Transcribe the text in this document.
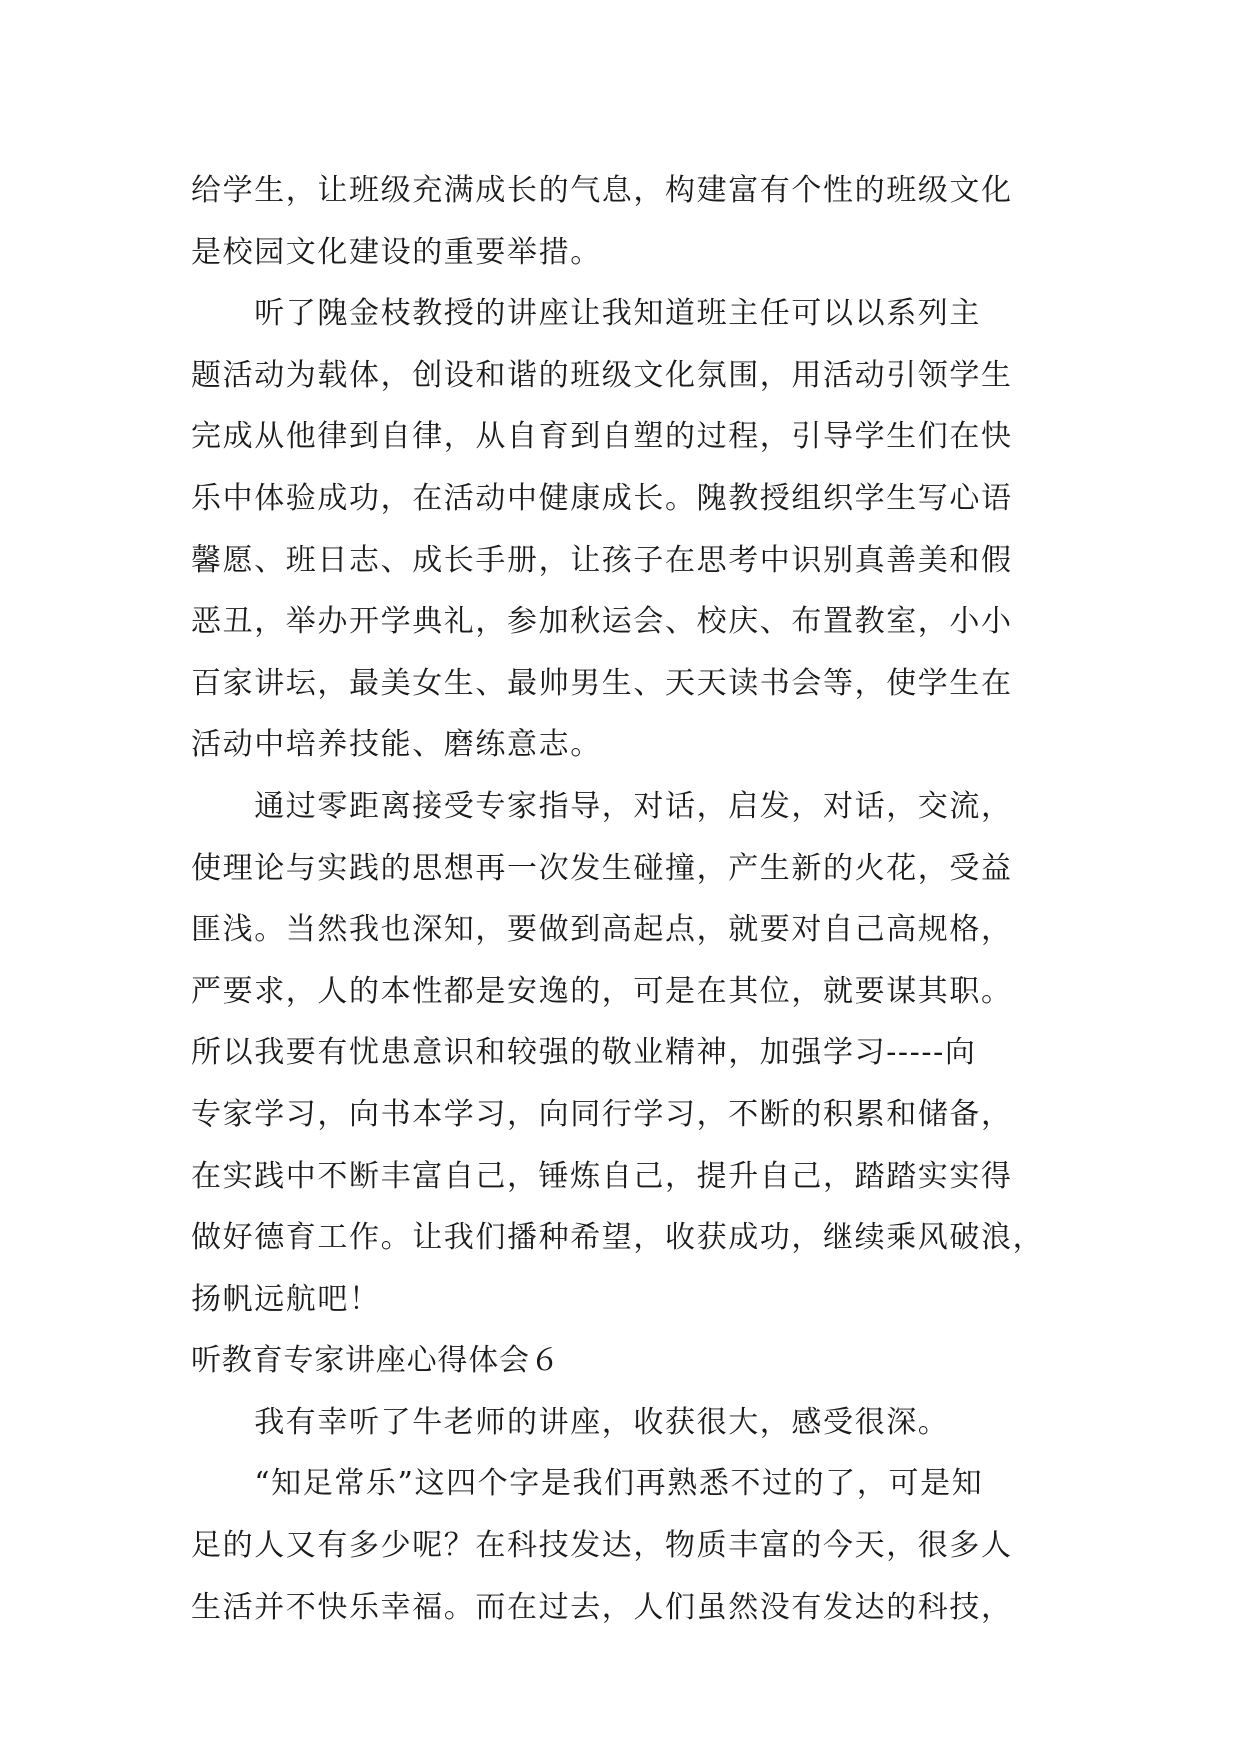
给学生，让班级充满成长的气息，构建富有个性的班级文化
是校园文化建设的重要举措。
　　听了隗金枝教授的讲座让我知道班主任可以以系列主
题活动为载体，创设和谐的班级文化氛围，用活动引领学生
完成从他律到自律，从自育到自塑的过程，引导学生们在快
乐中体验成功，在活动中健康成长。隗教授组织学生写心语
馨愿、班日志、成长手册，让孩子在思考中识别真善美和假
恶丑，举办开学典礼，参加秋运会、校庆、布置教室，小小
百家讲坛，最美女生、最帅男生、天天读书会等，使学生在
活动中培养技能、磨练意志。
　　通过零距离接受专家指导，对话，启发，对话，交流，
使理论与实践的思想再一次发生碰撞，产生新的火花，受益
匪浅。当然我也深知，要做到高起点，就要对自己高规格，
严要求，人的本性都是安逸的，可是在其位，就要谋其职。
所以我要有忧患意识和较强的敬业精神，加强学习-----向
专家学习，向书本学习，向同行学习，不断的积累和储备，
在实践中不断丰富自己，锤炼自己，提升自己，踏踏实实得
做好德育工作。让我们播种希望，收获成功，继续乘风破浪，
扬帆远航吧！
听教育专家讲座心得体会６
　　我有幸听了牛老师的讲座，收获很大，感受很深。
　　“知足常乐”这四个字是我们再熟悉不过的了，可是知
足的人又有多少呢？在科技发达，物质丰富的今天，很多人
生活并不快乐幸福。而在过去，人们虽然没有发达的科技，
